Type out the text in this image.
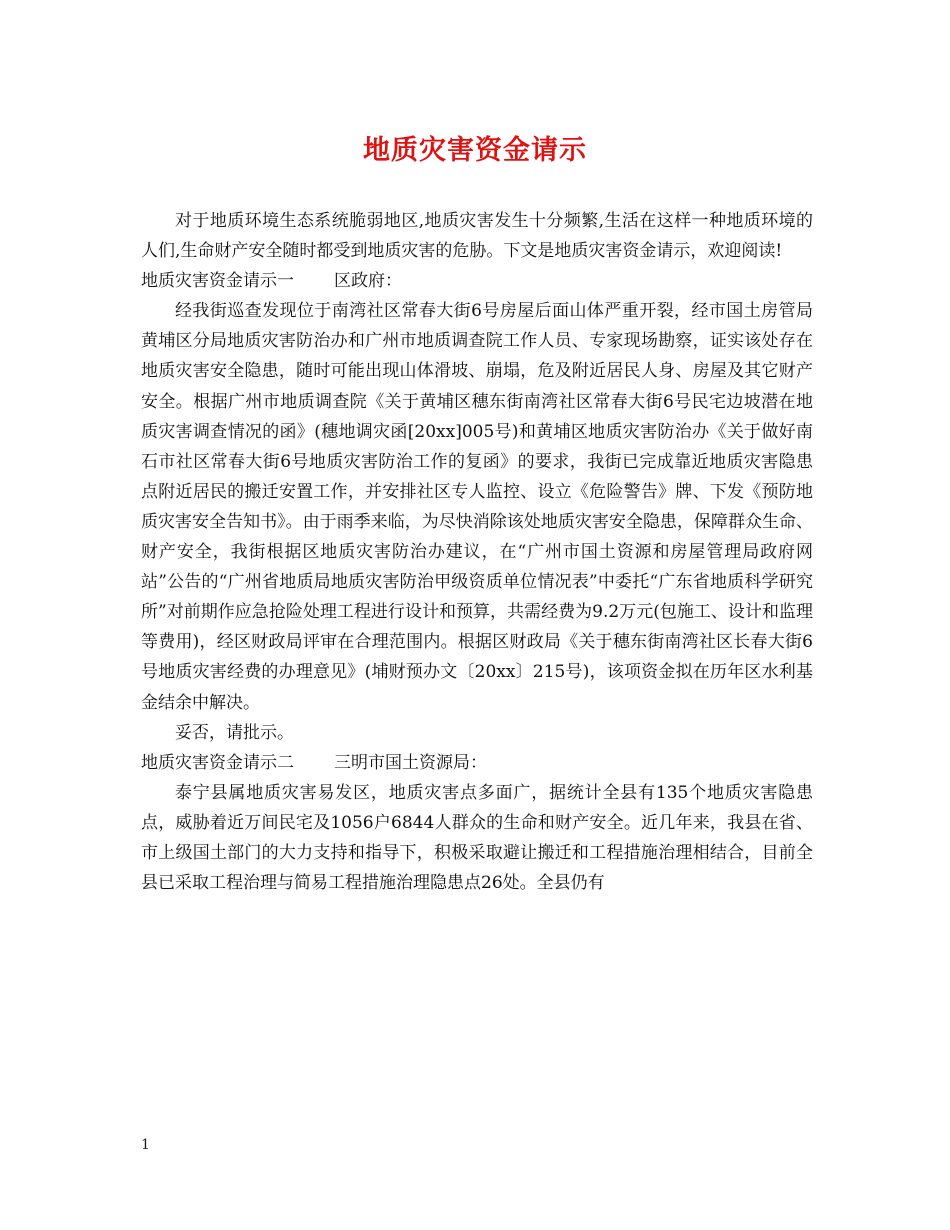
地质灾害资金请示

对于地质环境生态系统脆弱地区,地质灾害发生十分频繁,生活在这样一种地质环境的人们,生命财产安全随时都受到地质灾害的危胁。下文是地质灾害资金请示，欢迎阅读!

地质灾害资金请示一 区政府：

经我街巡查发现位于南湾社区常春大街6号房屋后面山体严重开裂，经市国土房管局黄埔区分局地质灾害防治办和广州市地质调查院工作人员、专家现场勘察，证实该处存在地质灾害安全隐患，随时可能出现山体滑坡、崩塌，危及附近居民人身、房屋及其它财产安全。根据广州市地质调查院《关于黄埔区穗东街南湾社区常春大街6号民宅边坡潜在地质灾害调查情况的函》(穗地调灾函[20xx]005号)和黄埔区地质灾害防治办《关于做好南石市社区常春大街6号地质灾害防治工作的复函》的要求，我街已完成靠近地质灾害隐患点附近居民的搬迁安置工作，并安排社区专人监控、设立《危险警告》牌、下发《预防地质灾害安全告知书》。由于雨季来临，为尽快消除该处地质灾害安全隐患，保障群众生命、财产安全，我街根据区地质灾害防治办建议，在“广州市国土资源和房屋管理局政府网站”公告的“广州省地质局地质灾害防治甲级资质单位情况表”中委托“广东省地质科学研究所”对前期作应急抢险处理工程进行设计和预算，共需经费为9.2万元(包施工、设计和监理等费用)，经区财政局评审在合理范围内。根据区财政局《关于穗东街南湾社区长春大街6号地质灾害经费的办理意见》(埔财预办文〔20xx〕215号)，该项资金拟在历年区水利基金结余中解决。

妥否，请批示。

地质灾害资金请示二 三明市国土资源局：

泰宁县属地质灾害易发区，地质灾害点多面广，据统计全县有135个地质灾害隐患点，威胁着近万间民宅及1056户6844人群众的生命和财产安全。近几年来，我县在省、市上级国土部门的大力支持和指导下，积极采取避让搬迁和工程措施治理相结合，目前全县已采取工程治理与简易工程措施治理隐患点26处。全县仍有

1
